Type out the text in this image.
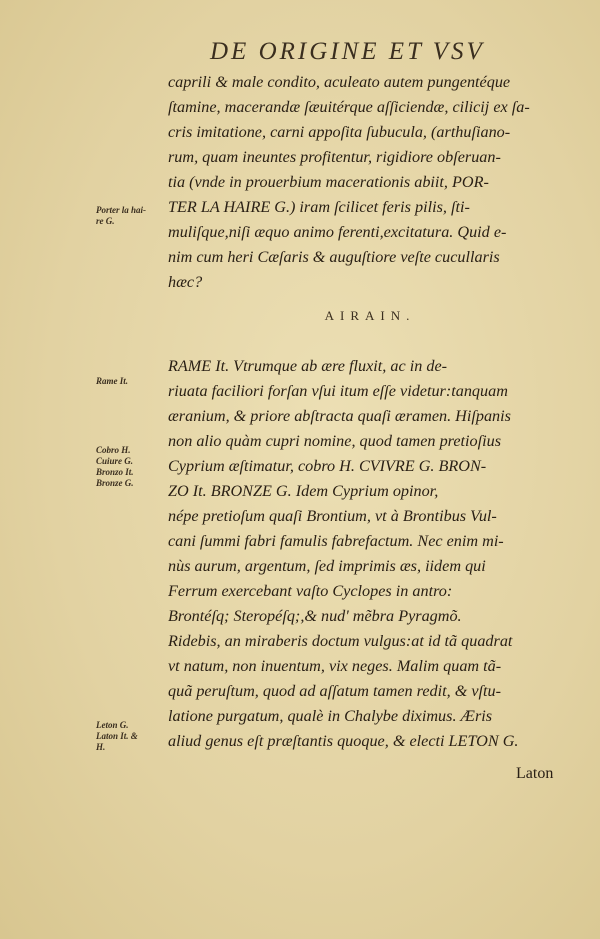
DE ORIGINE ET VSV
caprili & male condito, aculeato autem pungentéque
ſtamine, macerandæ ſæuitérque aſſiciendæ, cilicij ex ſa-
cris imitatione, carni appoſita ſubucula, (arthuſiano-
rum, quam ineuntes profitentur, rigidiore obſeruan-
tia (vnde in prouerbium macerationis abiit, POR-
TER LA HAIRE G.) iram ſcilicet feris pilis, ſti-
muliſque,niſi æquo animo ferenti,excitatura. Quid e-
nim cum heri Cæſaris & auguſtiore veſte cucullaris
hæc?
AIRAIN.
RAME It. Vtrumque ab ære fluxit, ac in de-
riuata faciliori forſan vſui itum eſſe videtur:tanquam
æranium, & priore abſtracta quaſi æramen. Hiſpanis
non alio quàm cupri nomine, quod tamen pretioſius
Cyprium æſtimatur, cobro H. CVIVRE G. BRON-
ZO It. BRONZE G. Idem Cyprium opinor,
népe pretioſum quaſi Brontium, vt à Brontibus Vul-
cani ſummi fabri famulis fabrefactum. Nec enim mi-
nùs aurum, argentum, ſed imprimis æs, iidem qui
Ferrum exercebant vaſto Cyclopes in antro:
Brontéſq; Steropéſq;,& nud' mẽbra Pyragmõ.
Ridebis, an miraberis doctum vulgus:at id tã quadrat
vt natum, non inuentum, vix neges. Malim quam tã-
quã peruſtum, quod ad aſſatum tamen redit, & vſtu-
latione purgatum, qualè in Chalybe diximus. Æris
aliud genus eſt præſtantis quoque, & electi LETON G.
Laton
Porter la hai-
re G.
Rame It.
Cobro H.
Cuiure G.
Bronzo It.
Bronze G.
Leton G.
Laton It. &
H.
